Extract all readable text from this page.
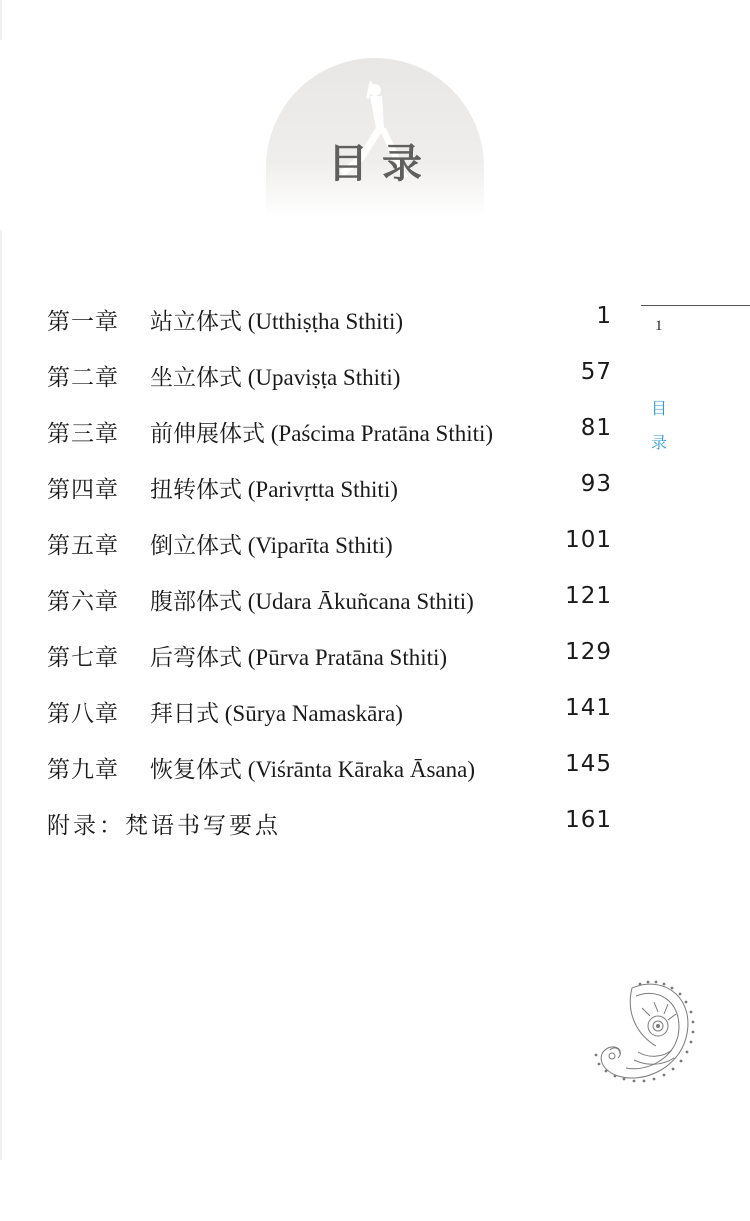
目录
第一章 站立体式 (Utthiṣṭha Sthiti)	1
第二章 坐立体式 (Upaviṣṭa Sthiti)	57
第三章 前伸展体式 (Paścima Pratāna Sthiti)	81
第四章 扭转体式 (Parivṛtta Sthiti)	93
第五章 倒立体式 (Viparīta Sthiti)	101
第六章 腹部体式 (Udara Ākuñcana Sthiti)	121
第七章 后弯体式 (Pūrva Pratāna Sthiti)	129
第八章 拜日式 (Sūrya Namaskāra)	141
第九章 恢复体式 (Viśrānta Kāraka Āsana)	145
附录：梵语书写要点	161
1
目
录
